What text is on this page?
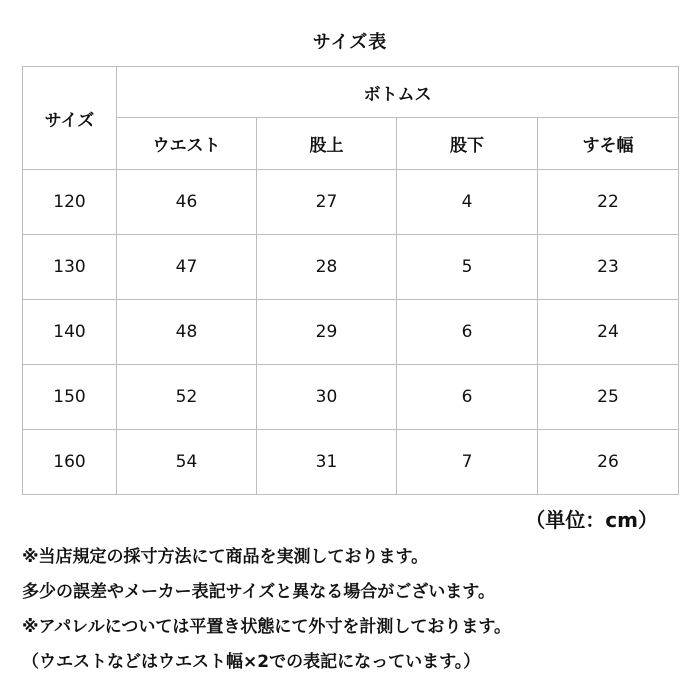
サイズ表
サイズ	ボトムス			
	ウエスト	股上	股下	すそ幅
120	46	27	4	22
130	47	28	5	23
140	48	29	6	24
150	52	30	6	25
160	54	31	7	26
（単位：cm）

※当店規定の採寸方法にて商品を実測しております。

多少の誤差やメーカー表記サイズと異なる場合がございます。

※アパレルについては平置き状態にて外寸を計測しております。

（ウエストなどはウエスト幅×2での表記になっています。）
